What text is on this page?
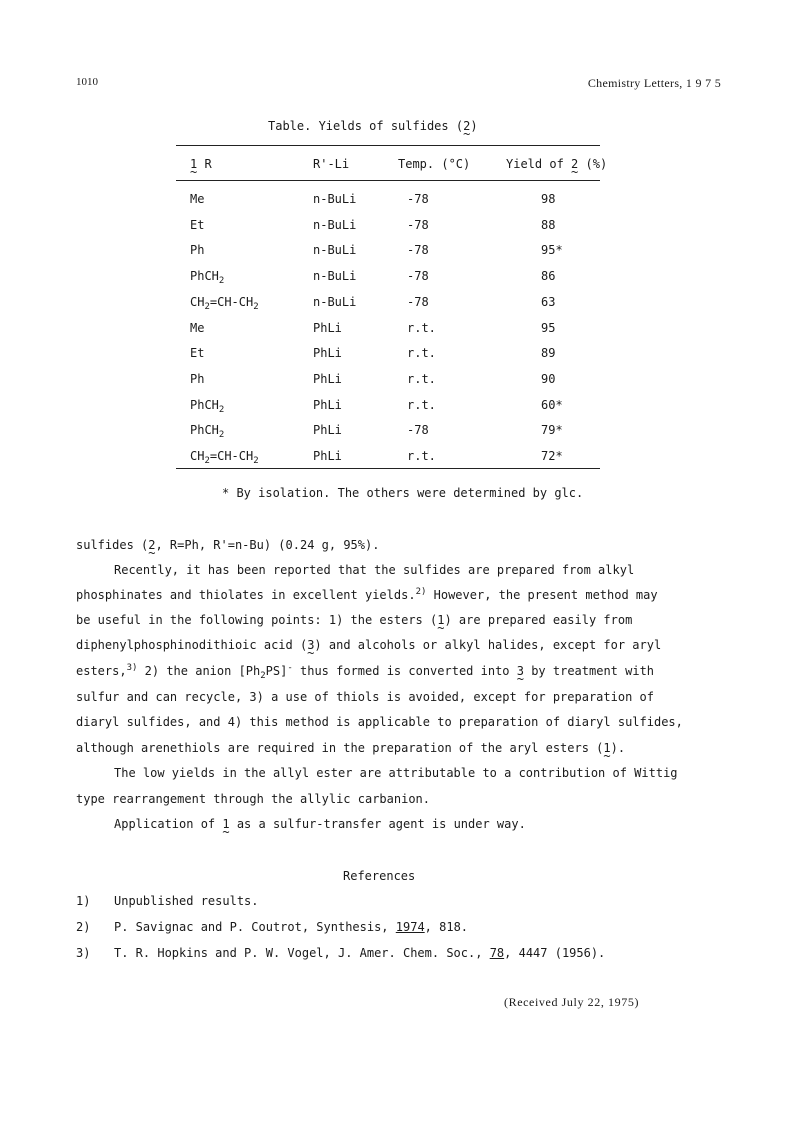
1010	Chemistry Letters, 1 9 7 5
Table. Yields of sulfides (2 ~)
1 ~ R	R'-Li	Temp. (°C)	Yield of 2 ~ (%)
Me	n-BuLi	-78	98
Et	n-BuLi	-78	88
Ph	n-BuLi	-78	95*
PhCH$_2$	n-BuLi	-78	86
$CH_2=CH-CH_2$	n-BuLi	-78	63
Me	PhLi	r.t.	95
Et	PhLi	r.t.	89
Ph	PhLi	r.t.	90
PhCH$_2$	PhLi	r.t.	60*
PhCH$_2$	PhLi	-78	79*
$CH_2=CH-CH_2$	PhLi	r.t.	72*
* By isolation. The others were determined by glc.
sulfides (2 ~, R=Ph, R'=n-Bu) (0.24 g, 95%).
Recently, it has been reported that the sulfides are prepared from alkyl
phosphinates and thiolates in excellent yields.$^{2)}$ However, the present method may
be useful in the following points: 1) the esters (1 ~) are prepared easily from
diphenylphosphinodithioic acid (3 ~) and alcohols or alkyl halides, except for aryl
esters,$^{3)}$ 2) the anion $[Ph_2PS]^-$ thus formed is converted into 3 ~ by treatment with
sulfur and can recycle, 3) a use of thiols is avoided, except for preparation of
diaryl sulfides, and 4) this method is applicable to preparation of diaryl sulfides,
although arenethiols are required in the preparation of the aryl esters (1 ~).
The low yields in the allyl ester are attributable to a contribution of Wittig
type rearrangement through the allylic carbanion.
Application of 1 ~ as a sulfur-transfer agent is under way.
References
1) Unpublished results.
2) P. Savignac and P. Coutrot, Synthesis, 1974, 818.
3) T. R. Hopkins and P. W. Vogel, J. Amer. Chem. Soc., 78, 4447 (1956).
(Received July 22, 1975)
